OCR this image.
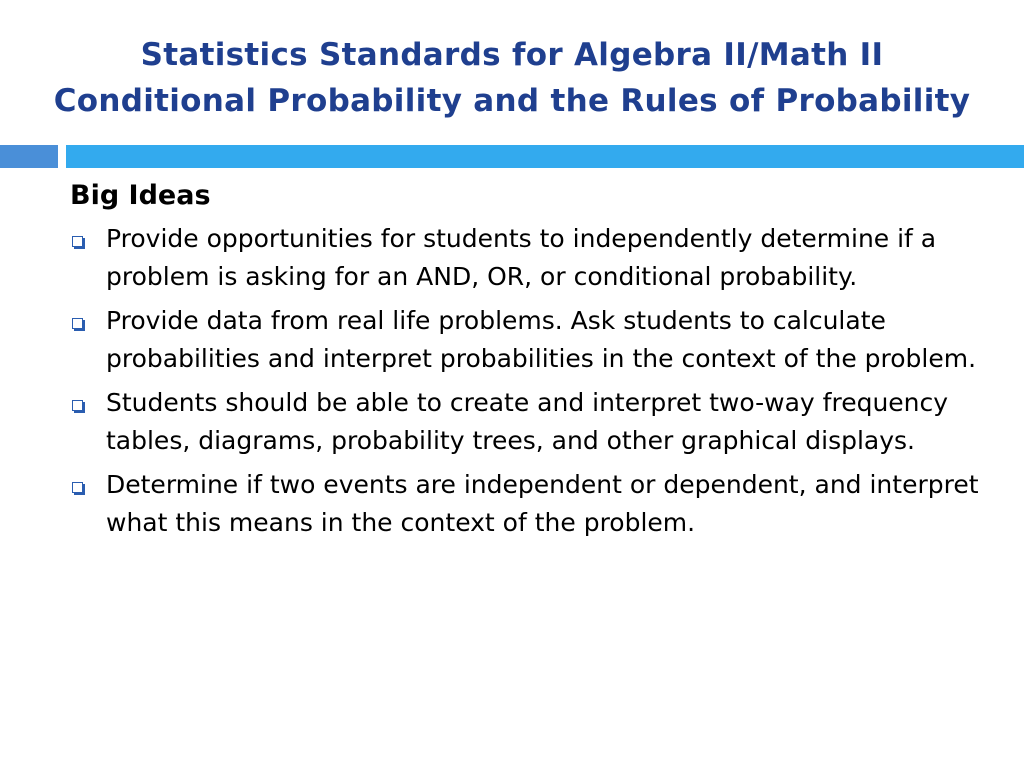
Statistics Standards for Algebra II/Math II
Conditional Probability and the Rules of Probability
Big Ideas
Provide opportunities for students to independently determine if a problem is asking for an AND, OR, or conditional probability.
Provide data from real life problems. Ask students to calculate probabilities and interpret probabilities in the context of the problem.
Students should be able to create and interpret two-way frequency tables, diagrams, probability trees, and other graphical displays.
Determine if two events are independent or dependent, and interpret what this means in the context of the problem.
